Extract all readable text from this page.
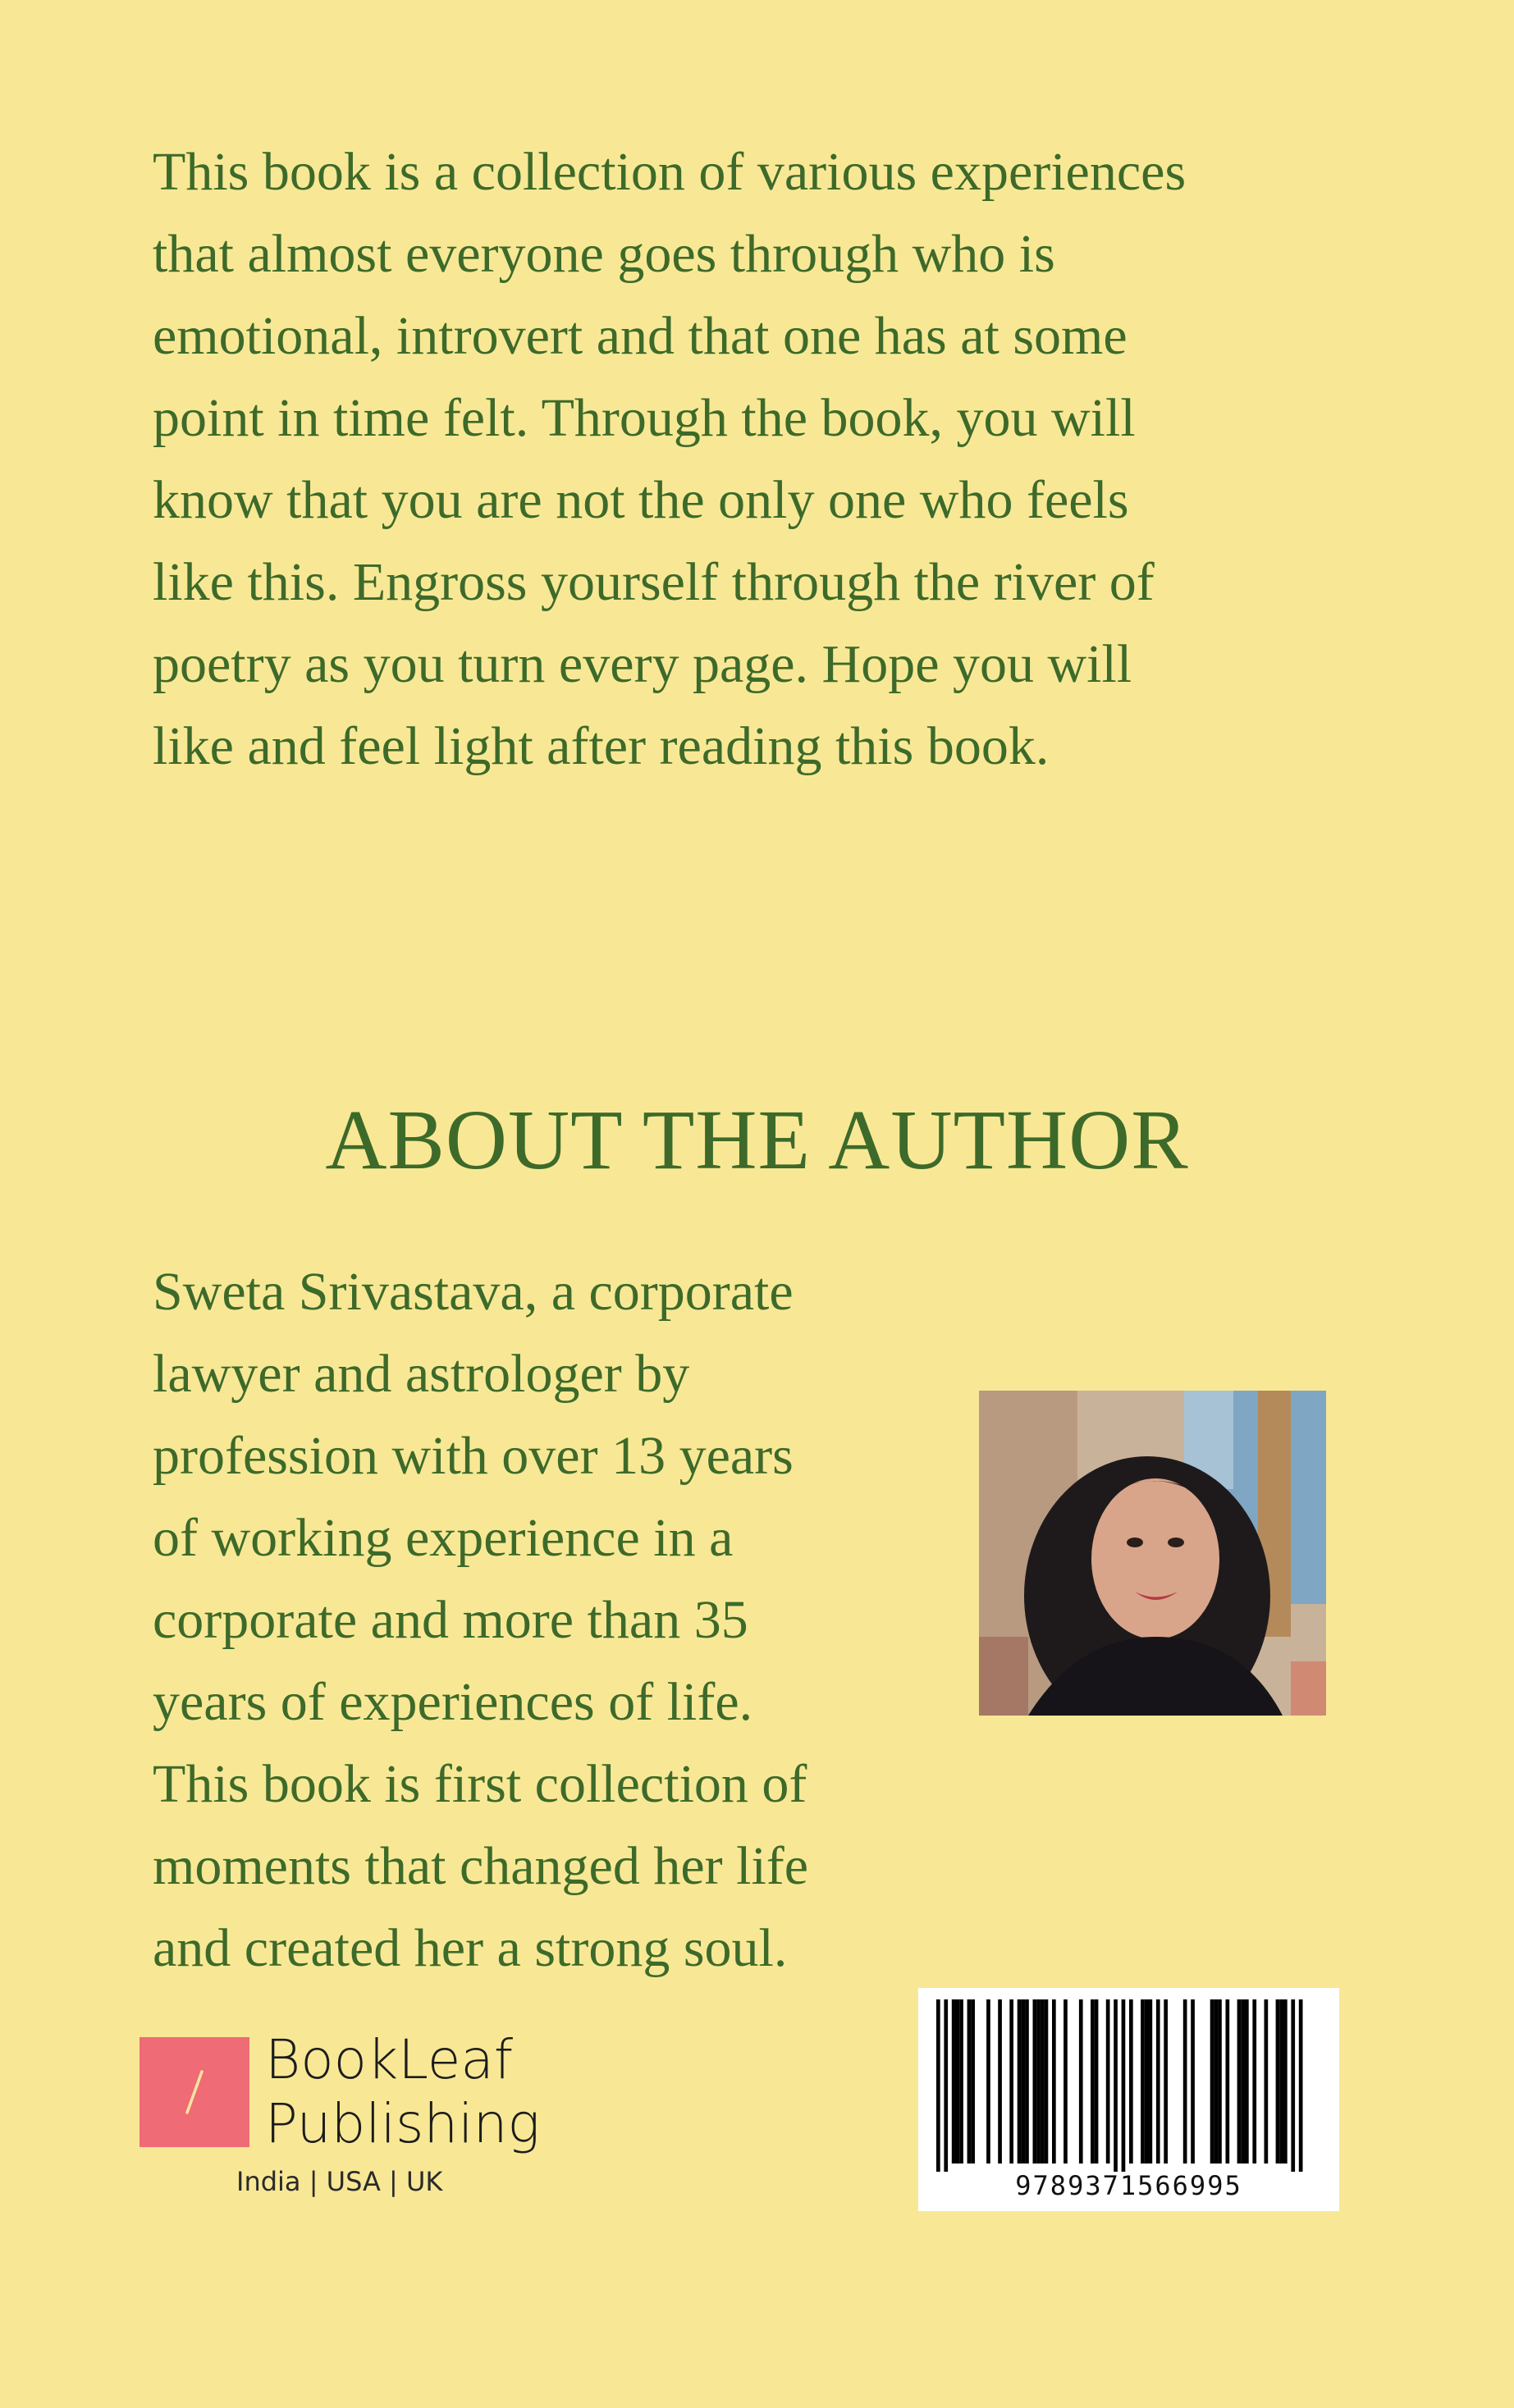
This book is a collection of various experiences
that almost everyone goes through who is
emotional, introvert and that one has at some
point in time felt. Through the book, you will
know that you are not the only one who feels
like this. Engross yourself through the river of
poetry as you turn every page. Hope you will
like and feel light after reading this book.
ABOUT THE AUTHOR
Sweta Srivastava, a corporate
lawyer and astrologer by
profession with over 13 years
of working experience in a
corporate and more than 35
years of experiences of life.
This book is first collection of
moments that changed her life
and created her a strong soul.
BookLeaf
Publishing
India | USA | UK	9789371566995
